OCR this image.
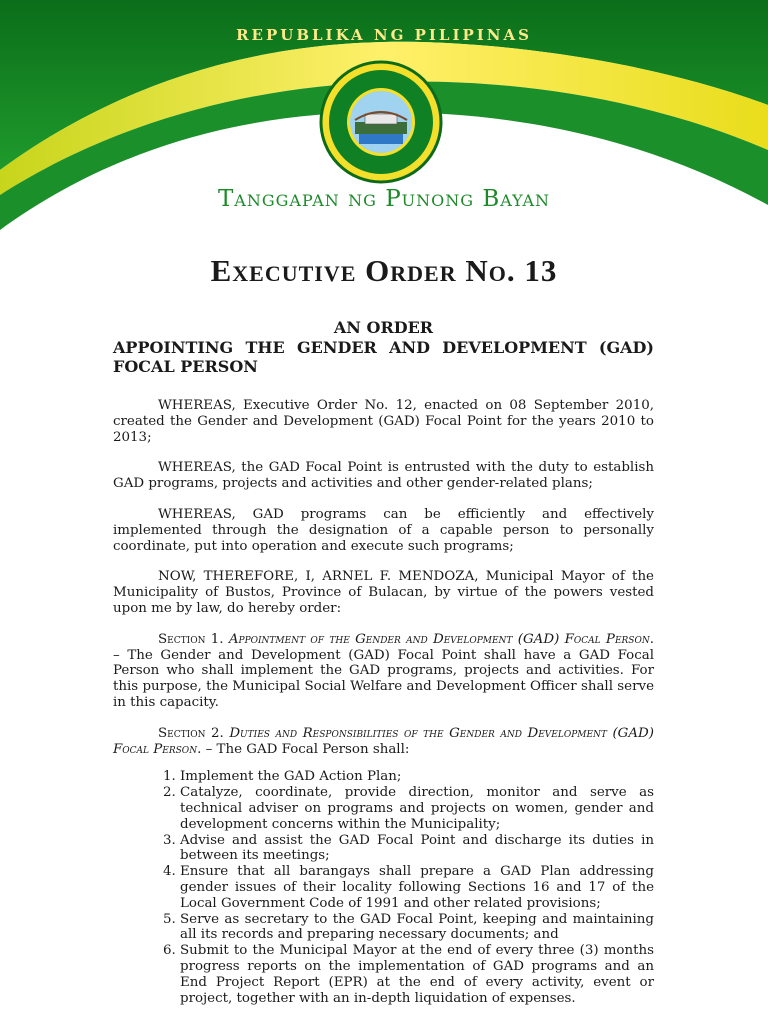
REPUBLIKA NG PILIPINAS
Tanggapan ng Punong Bayan
Executive Order No. 13
AN ORDER
APPOINTING THE GENDER AND DEVELOPMENT (GAD) FOCAL PERSON

WHEREAS, Executive Order No. 12, enacted on 08 September 2010, created the Gender and Development (GAD) Focal Point for the years 2010 to 2013;

WHEREAS, the GAD Focal Point is entrusted with the duty to establish GAD programs, projects and activities and other gender-related plans;

WHEREAS, GAD programs can be efficiently and effectively implemented through the designation of a capable person to personally coordinate, put into operation and execute such programs;

NOW, THEREFORE, I, ARNEL F. MENDOZA, Municipal Mayor of the Municipality of Bustos, Province of Bulacan, by virtue of the powers vested upon me by law, do hereby order:

Section 1. Appointment of the Gender and Development (GAD) Focal Person. – The Gender and Development (GAD) Focal Point shall have a GAD Focal Person who shall implement the GAD programs, projects and activities. For this purpose, the Municipal Social Welfare and Development Officer shall serve in this capacity.

Section 2. Duties and Responsibilities of the Gender and Development (GAD) Focal Person. – The GAD Focal Person shall:

1. Implement the GAD Action Plan;
2. Catalyze, coordinate, provide direction, monitor and serve as technical adviser on programs and projects on women, gender and development concerns within the Municipality;
3. Advise and assist the GAD Focal Point and discharge its duties in between its meetings;
4. Ensure that all barangays shall prepare a GAD Plan addressing gender issues of their locality following Sections 16 and 17 of the Local Government Code of 1991 and other related provisions;
5. Serve as secretary to the GAD Focal Point, keeping and maintaining all its records and preparing necessary documents; and
6. Submit to the Municipal Mayor at the end of every three (3) months progress reports on the implementation of GAD programs and an End Project Report (EPR) at the end of every activity, event or project, together with an in-depth liquidation of expenses.
